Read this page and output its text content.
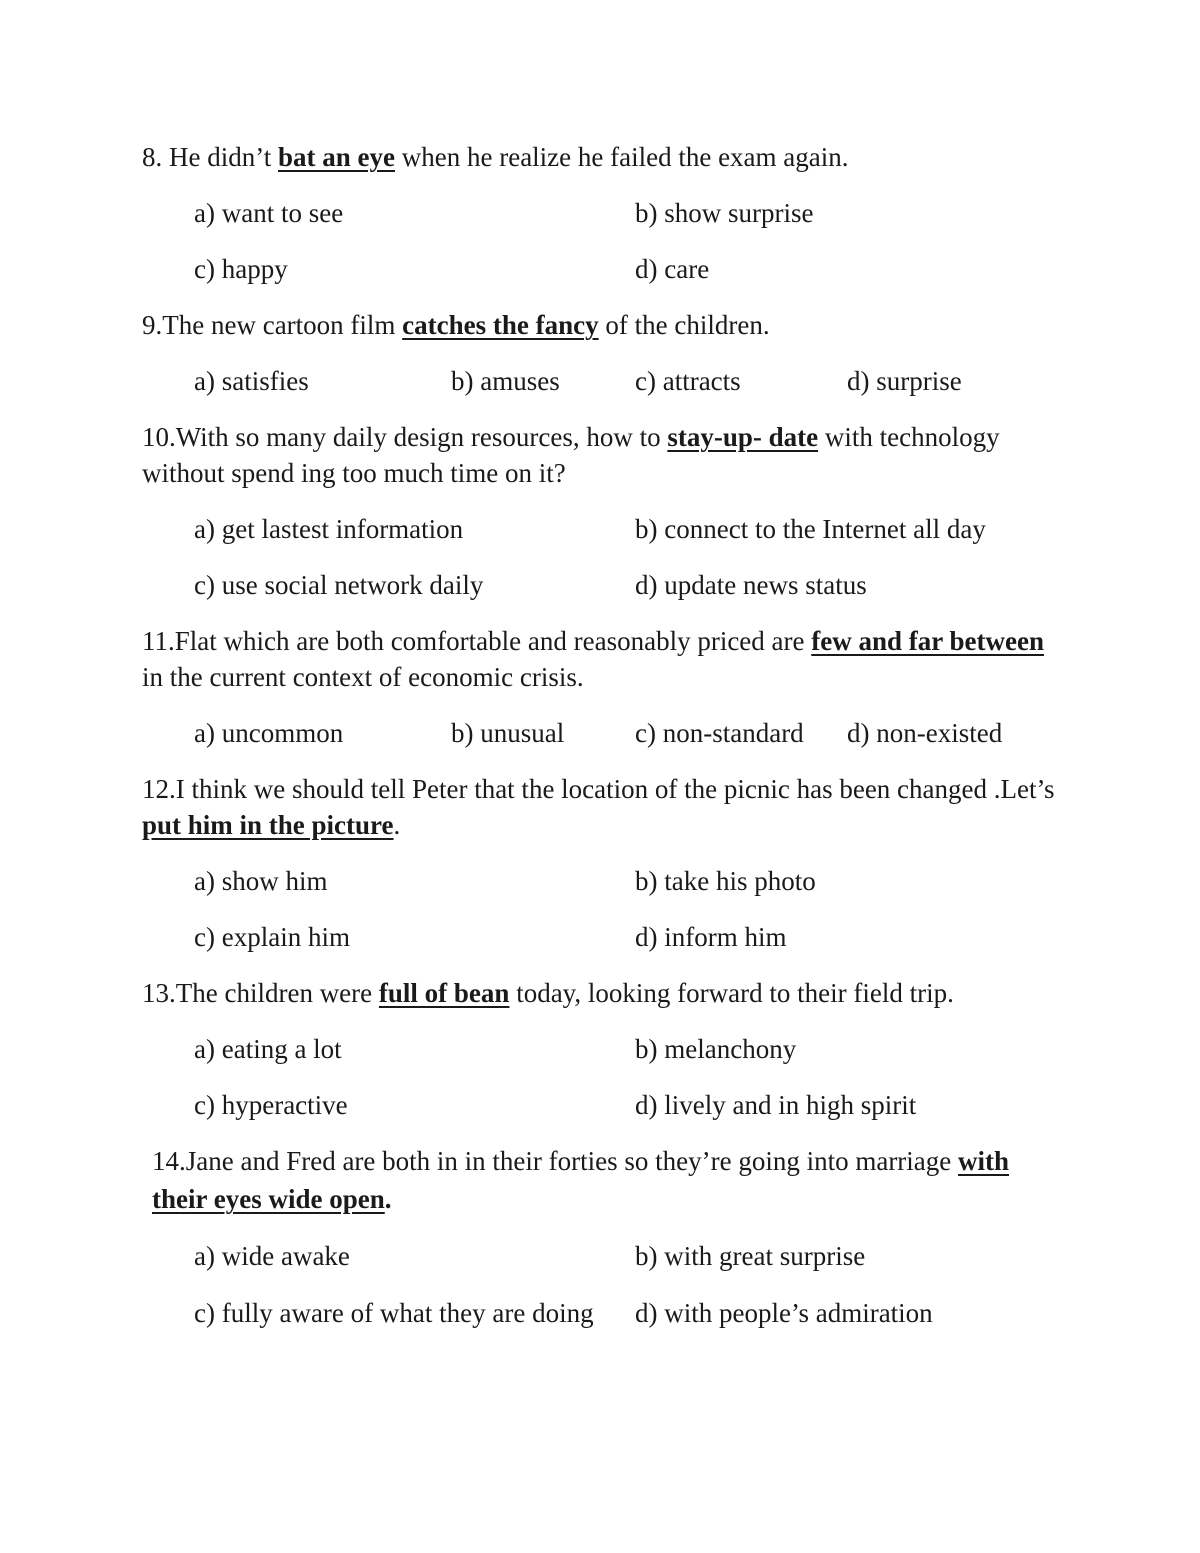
8. He didn’t bat an eye when he realize he failed the exam again.
a) want to see	b) show surprise
c) happy	d) care
9.The new cartoon film catches the fancy of the children.
a) satisfies	b) amuses	c) attracts	d) surprise
10.With so many daily design resources, how to stay-up- date with technology
without spend ing too much time on it?
a) get lastest information	b) connect to the Internet all day
c) use social network daily	d) update news status
11.Flat which are both comfortable and reasonably priced are few and far between
in the current context of economic crisis.
a) uncommon	b) unusual	c) non-standard d) non-existed
12.I think we should tell Peter that the location of the picnic has been changed .Let’s
put him in the picture.
a) show him	b) take his photo
c) explain him	d) inform him
13.The children were full of bean today, looking forward to their field trip.
a) eating a lot	b) melanchony
c) hyperactive	d) lively and in high spirit
14.Jane and Fred are both in in their forties so they’re going into marriage with
their eyes wide open.
a) wide awake	b) with great surprise
c) fully aware of what they are doing d) with people’s admiration
